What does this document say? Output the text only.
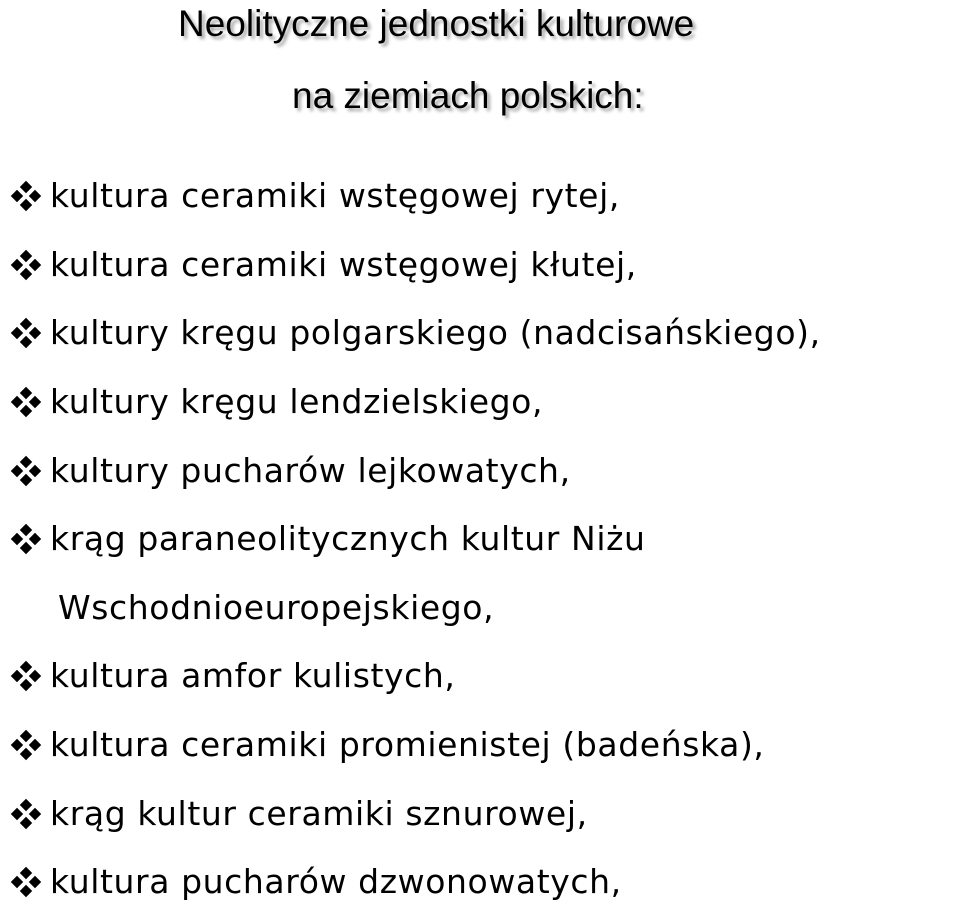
Neolityczne jednostki kulturowe
na ziemiach polskich:
kultura ceramiki wstęgowej rytej,
kultura ceramiki wstęgowej kłutej,
kultury kręgu polgarskiego (nadcisańskiego),
kultury kręgu lendzielskiego,
kultury pucharów lejkowatych,
krąg paraneolitycznych kultur Niżu
Wschodnioeuropejskiego,
kultura amfor kulistych,
kultura ceramiki promienistej (badeńska),
krąg kultur ceramiki sznurowej,
kultura pucharów dzwonowatych,
